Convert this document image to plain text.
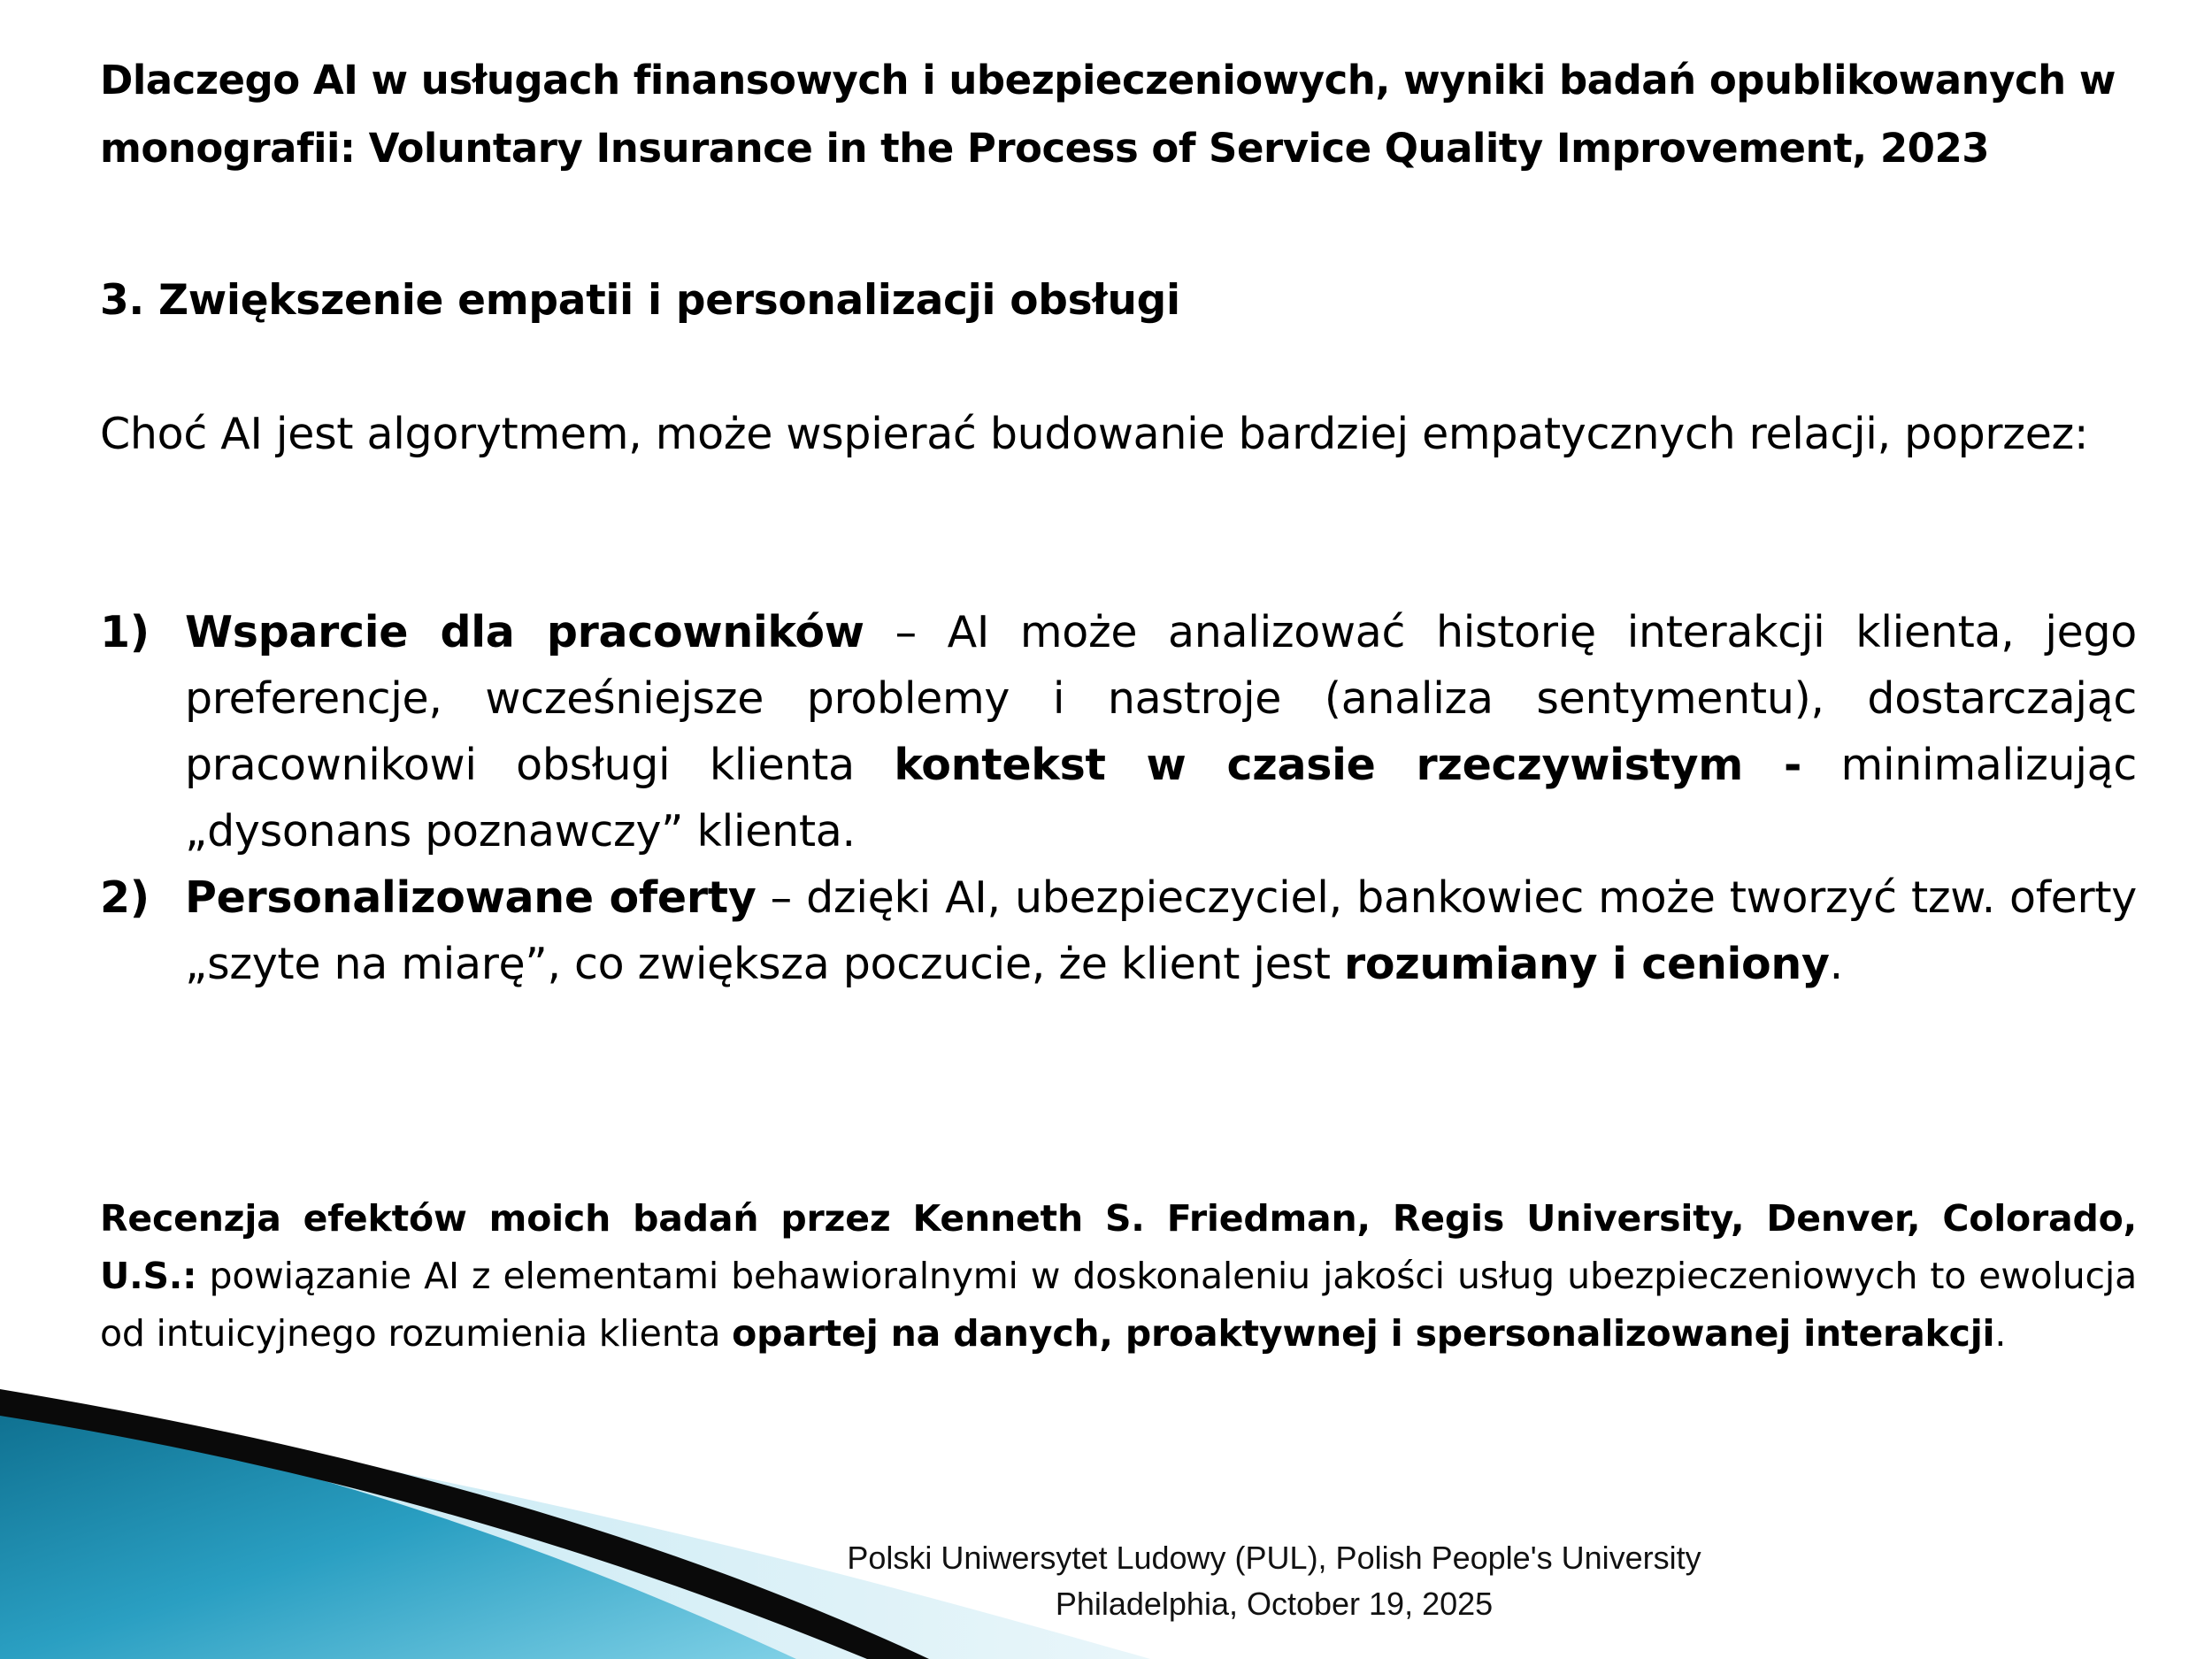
Dlaczego AI w usługach finansowych i ubezpieczeniowych, wyniki badań opublikowanych w monografii: Voluntary Insurance in the Process of Service Quality Improvement, 2023
3. Zwiększenie empatii i personalizacji obsługi

Choć AI jest algorytmem, może wspierać budowanie bardziej empatycznych relacji, poprzez:

1) Wsparcie dla pracowników – AI może analizować historię interakcji klienta, jego preferencje, wcześniejsze problemy i nastroje (analiza sentymentu), dostarczając pracownikowi obsługi klienta kontekst w czasie rzeczywistym - minimalizując „dysonans poznawczy” klienta.
2) Personalizowane oferty – dzięki AI, ubezpieczyciel, bankowiec może tworzyć tzw. oferty „szyte na miarę”, co zwiększa poczucie, że klient jest rozumiany i ceniony.

Recenzja efektów moich badań przez Kenneth S. Friedman, Regis University, Denver, Colorado, U.S.: powiązanie AI z elementami behawioralnymi w doskonaleniu jakości usług ubezpieczeniowych to ewolucja od intuicyjnego rozumienia klienta opartej na danych, proaktywnej i spersonalizowanej interakcji.

Polski Uniwersytet Ludowy (PUL), Polish People's University
Philadelphia, October 19, 2025
